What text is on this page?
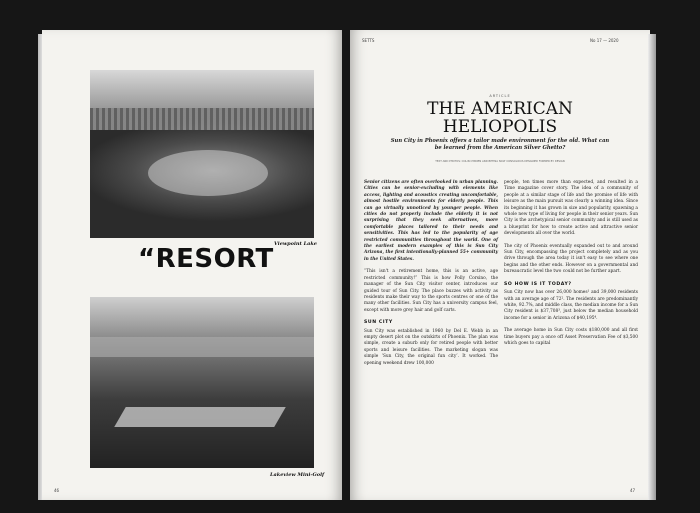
Viewpoint Lake
“RESORT
Lakeview Mini-Golf
46
SETTS	No 17 — 2020
ARTICLE
THE AMERICAN
HELIOPOLIS
Sun City in Phoenix offers a tailor made environment for the old. What can be learned from the American Silver Ghetto?
TEXT AND PHOTOS: COLIN O'BRIEN AND BETINA NOLT CONSOLIDUS DESIGNED FORMER BY DESIGN

Senior citizens are often overlooked in urban planning. Cities can be senior-excluding with elements like access, lighting and acoustics creating uncomfortable, almost hostile environments for elderly people. This can go virtually unnoticed by younger people. When cities do not properly include the elderly it is not surprising that they seek alternatives, more comfortable places tailored to their needs and sensitivities. This has led to the popularity of age restricted communities throughout the world. One of the earliest modern examples of this is Sun City Arizona, the first intentionally-planned 55+ community in the United States.

“This isn't a retirement home, this is an active, age restricted community!” This is how Polly Corsino, the manager of the Sun City visitor center, introduces our guided tour of Sun City. The place buzzes with activity as residents make their way to the sports centres or one of the many other facilities. Sun City has a university campus feel, except with more grey hair and golf carts.

SUN CITY

Sun City was established in 1960 by Del E. Webb in an empty desert plot on the outskirts of Phoenix. The plan was simple, create a suburb only for retired people with better sports and leisure facilities. The marketing slogan was simple ‘Sun City, the original fun city’. It worked. The opening weekend drew 100,000

people, ten times more than expected, and resulted in a Time magazine cover story. The idea of a community of people at a similar stage of life and the promise of life with leisure as the main pursuit was clearly a winning idea. Since its beginning it has grown in size and popularity, spawning a whole new type of living for people in their senior years. Sun City is the archetypical senior community and is still used as a blueprint for how to create active and attractive senior developments all over the world.

The city of Phoenix eventually expanded out to and around Sun City, encompassing the project completely and as you drive through the area today it isn't easy to see where one begins and the other ends. However on a governmental and bureaucratic level the two could not be further apart.

SO HOW IS IT TODAY?

Sun City now has over 26,000 homes¹ and 39,000 residents with an average age of 72². The residents are predominantly white, 92.7%, and middle class, the median income for a Sun City resident is $37,708³, just below the median household income for a senior in Arizona of $40,195⁴.

The average home in Sun City costs $180,000 and all first time buyers pay a once off Asset Preservation Fee of $3,500 which goes to capital

47
